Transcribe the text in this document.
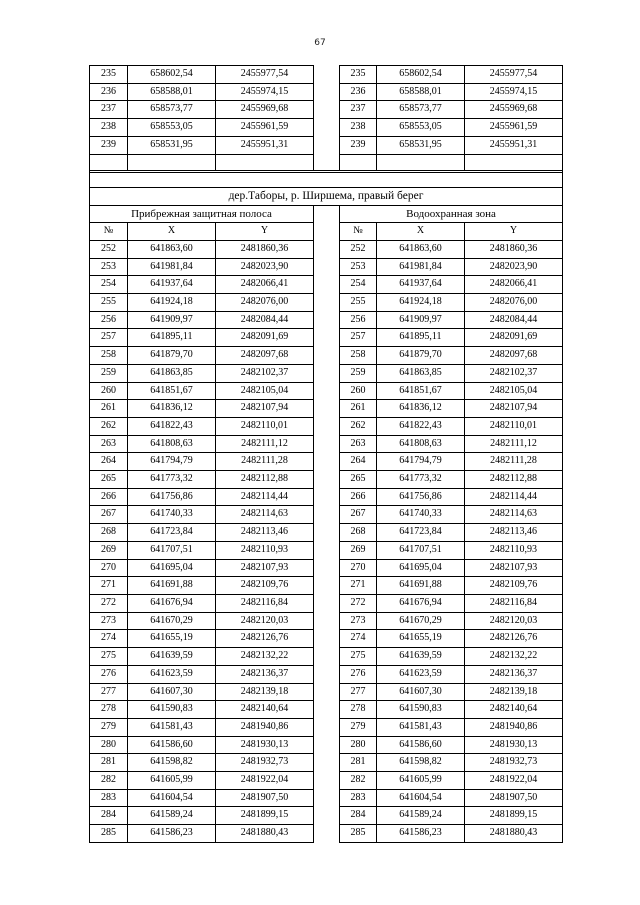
67
235	658602,54	2455977,54		235	658602,54	2455977,54
236	658588,01	2455974,15		236	658588,01	2455974,15
237	658573,77	2455969,68		237	658573,77	2455969,68
238	658553,05	2455961,59		238	658553,05	2455961,59
239	658531,95	2455951,31		239	658531,95	2455951,31

дер.Таборы, р. Ширшема, правый берег						
Прибрежная защитная полоса				Водоохранная зона		
№	X	Y		№	X	Y
252	641863,60	2481860,36		252	641863,60	2481860,36
253	641981,84	2482023,90		253	641981,84	2482023,90
254	641937,64	2482066,41		254	641937,64	2482066,41
255	641924,18	2482076,00		255	641924,18	2482076,00
256	641909,97	2482084,44		256	641909,97	2482084,44
257	641895,11	2482091,69		257	641895,11	2482091,69
258	641879,70	2482097,68		258	641879,70	2482097,68
259	641863,85	2482102,37		259	641863,85	2482102,37
260	641851,67	2482105,04		260	641851,67	2482105,04
261	641836,12	2482107,94		261	641836,12	2482107,94
262	641822,43	2482110,01		262	641822,43	2482110,01
263	641808,63	2482111,12		263	641808,63	2482111,12
264	641794,79	2482111,28		264	641794,79	2482111,28
265	641773,32	2482112,88		265	641773,32	2482112,88
266	641756,86	2482114,44		266	641756,86	2482114,44
267	641740,33	2482114,63		267	641740,33	2482114,63
268	641723,84	2482113,46		268	641723,84	2482113,46
269	641707,51	2482110,93		269	641707,51	2482110,93
270	641695,04	2482107,93		270	641695,04	2482107,93
271	641691,88	2482109,76		271	641691,88	2482109,76
272	641676,94	2482116,84		272	641676,94	2482116,84
273	641670,29	2482120,03		273	641670,29	2482120,03
274	641655,19	2482126,76		274	641655,19	2482126,76
275	641639,59	2482132,22		275	641639,59	2482132,22
276	641623,59	2482136,37		276	641623,59	2482136,37
277	641607,30	2482139,18		277	641607,30	2482139,18
278	641590,83	2482140,64		278	641590,83	2482140,64
279	641581,43	2481940,86		279	641581,43	2481940,86
280	641586,60	2481930,13		280	641586,60	2481930,13
281	641598,82	2481932,73		281	641598,82	2481932,73
282	641605,99	2481922,04		282	641605,99	2481922,04
283	641604,54	2481907,50		283	641604,54	2481907,50
284	641589,24	2481899,15		284	641589,24	2481899,15
285	641586,23	2481880,43		285	641586,23	2481880,43
